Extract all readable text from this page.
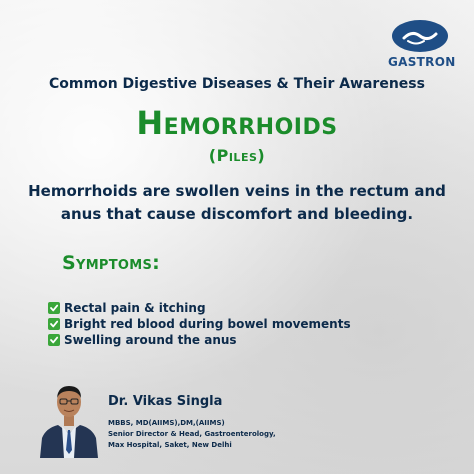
GASTRON
Common Digestive Diseases & Their Awareness
Hemorrhoids
(Piles)
Hemorrhoids are swollen veins in the rectum and anus that cause discomfort and bleeding.
Symptoms:
Rectal pain & itching
Bright red blood during bowel movements
Swelling around the anus
Dr. Vikas Singla
MBBS, MD(AIIMS),DM,(AIIMS)
Senior Director & Head, Gastroenterology,
Max Hospital, Saket, New Delhi
